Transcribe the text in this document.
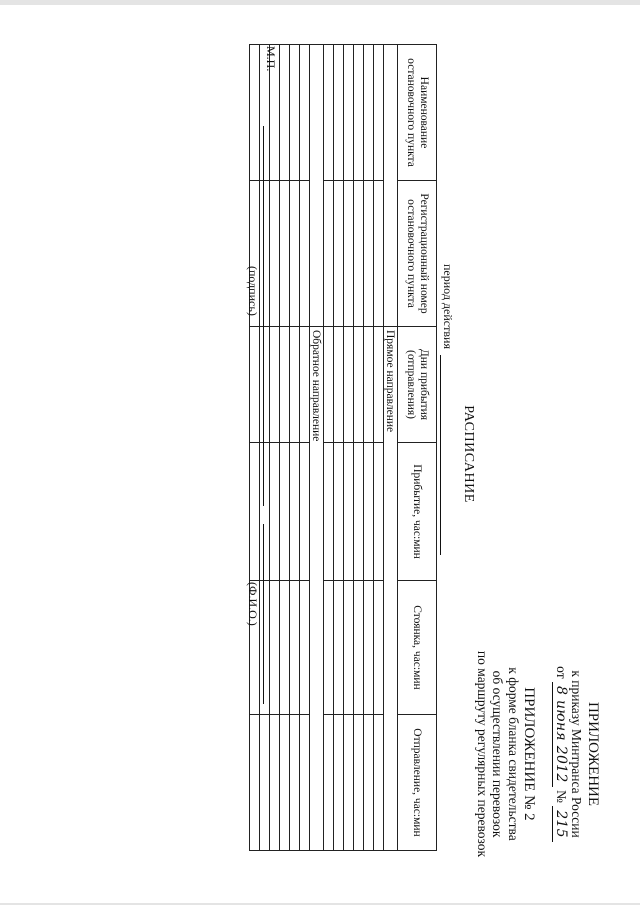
ПРИЛОЖЕНИЕ
к приказу Минтранса России
от 8 июня 2012 № 215
ПРИЛОЖЕНИЕ № 2
к форме бланка свидетельства
об осуществлении перевозок
по маршруту регулярных перевозок
РАСПИСАНИЕ
период действия
Наименование остановочного пункта	Регистрационный номер остановочного пункта	Дни прибытия (отправления)	Прибытие, час:мин	Стоянка, час:мин	Отправление, час:мин
		Прямое направление			

		Обратное направление			

М.П.
(подпись)
(Ф.И.О.)
